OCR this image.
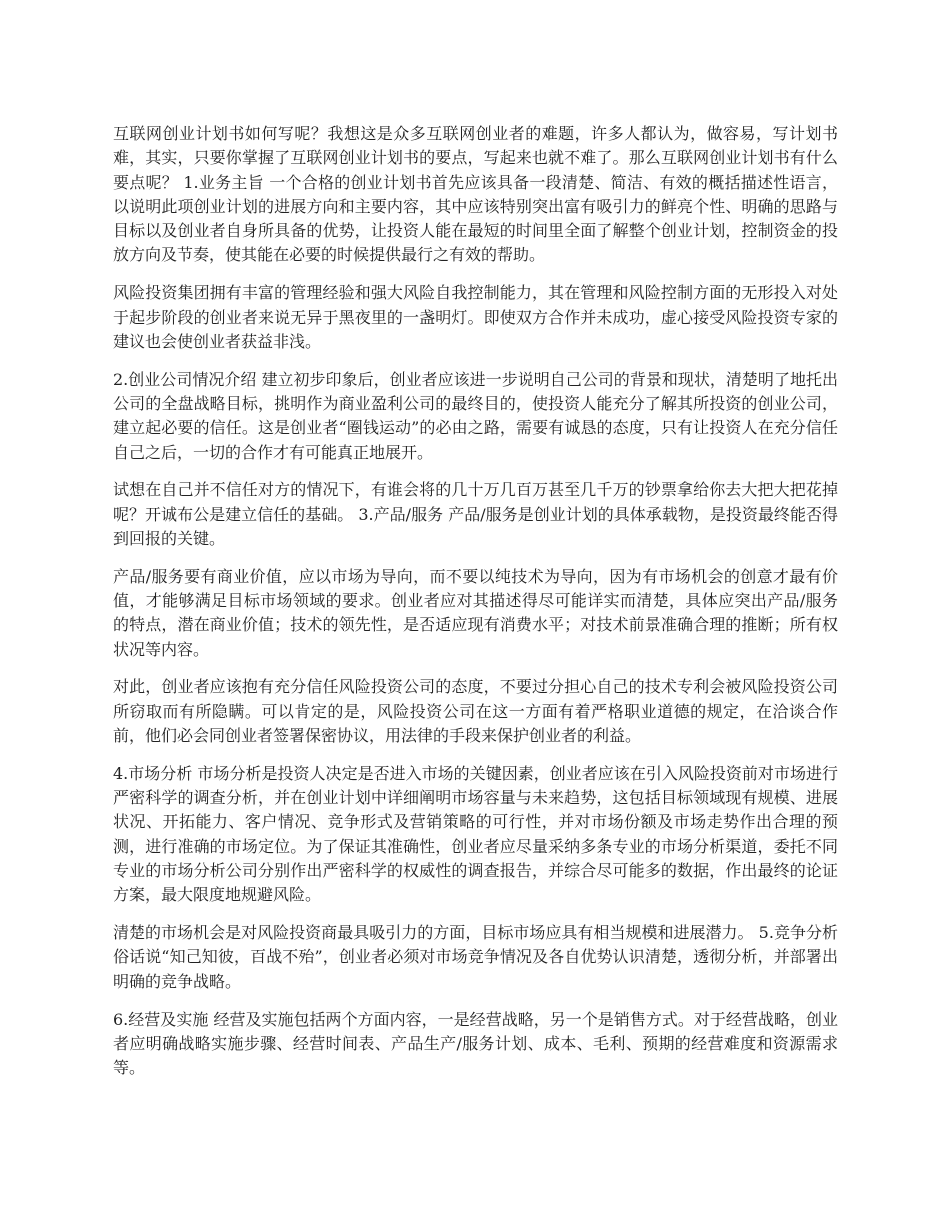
互联网创业计划书如何写呢？我想这是众多互联网创业者的难题，许多人都认为，做容易，写计划书难，其实，只要你掌握了互联网创业计划书的要点，写起来也就不难了。那么互联网创业计划书有什么要点呢？ 1.业务主旨 一个合格的创业计划书首先应该具备一段清楚、简洁、有效的概括描述性语言，以说明此项创业计划的进展方向和主要内容，其中应该特别突出富有吸引力的鲜亮个性、明确的思路与目标以及创业者自身所具备的优势，让投资人能在最短的时间里全面了解整个创业计划，控制资金的投放方向及节奏，使其能在必要的时候提供最行之有效的帮助。

风险投资集团拥有丰富的管理经验和强大风险自我控制能力，其在管理和风险控制方面的无形投入对处于起步阶段的创业者来说无异于黑夜里的一盏明灯。即使双方合作并未成功，虚心接受风险投资专家的建议也会使创业者获益非浅。

2.创业公司情况介绍 建立初步印象后，创业者应该进一步说明自己公司的背景和现状，清楚明了地托出公司的全盘战略目标，挑明作为商业盈利公司的最终目的，使投资人能充分了解其所投资的创业公司，建立起必要的信任。这是创业者“圈钱运动”的必由之路，需要有诚恳的态度，只有让投资人在充分信任自己之后，一切的合作才有可能真正地展开。

试想在自己并不信任对方的情况下，有谁会将的几十万几百万甚至几千万的钞票拿给你去大把大把花掉呢？开诚布公是建立信任的基础。 3.产品/服务 产品/服务是创业计划的具体承载物，是投资最终能否得到回报的关键。

产品/服务要有商业价值，应以市场为导向，而不要以纯技术为导向，因为有市场机会的创意才最有价值，才能够满足目标市场领域的要求。创业者应对其描述得尽可能详实而清楚，具体应突出产品/服务的特点，潜在商业价值；技术的领先性，是否适应现有消费水平；对技术前景准确合理的推断；所有权状况等内容。

对此，创业者应该抱有充分信任风险投资公司的态度，不要过分担心自己的技术专利会被风险投资公司所窃取而有所隐瞒。可以肯定的是，风险投资公司在这一方面有着严格职业道德的规定，在洽谈合作前，他们必会同创业者签署保密协议，用法律的手段来保护创业者的利益。

4.市场分析 市场分析是投资人决定是否进入市场的关键因素，创业者应该在引入风险投资前对市场进行严密科学的调查分析，并在创业计划中详细阐明市场容量与未来趋势，这包括目标领域现有规模、进展状况、开拓能力、客户情况、竞争形式及营销策略的可行性，并对市场份额及市场走势作出合理的预测，进行准确的市场定位。为了保证其准确性，创业者应尽量采纳多条专业的市场分析渠道，委托不同专业的市场分析公司分别作出严密科学的权威性的调查报告，并综合尽可能多的数据，作出最终的论证方案，最大限度地规避风险。

清楚的市场机会是对风险投资商最具吸引力的方面，目标市场应具有相当规模和进展潜力。 5.竞争分析 俗话说“知己知彼，百战不殆”，创业者必须对市场竞争情况及各自优势认识清楚，透彻分析，并部署出明确的竞争战略。

6.经营及实施 经营及实施包括两个方面内容，一是经营战略，另一个是销售方式。对于经营战略，创业者应明确战略实施步骤、经营时间表、产品生产/服务计划、成本、毛利、预期的经营难度和资源需求等。
